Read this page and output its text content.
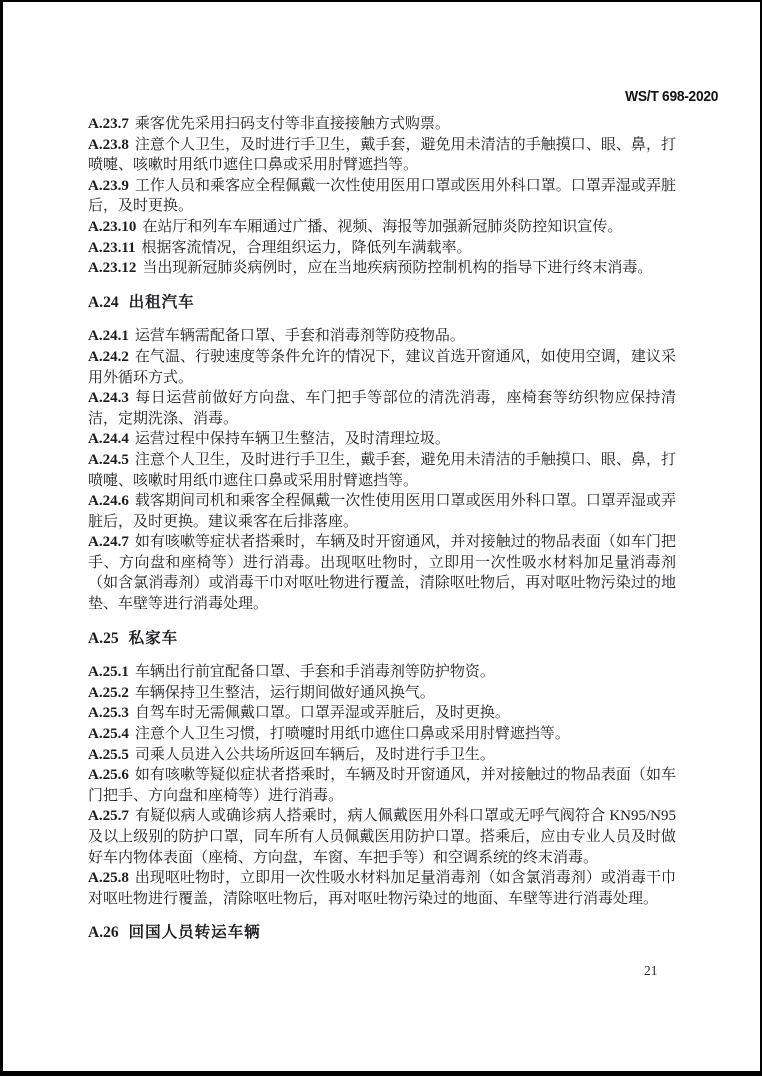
WS/T 698-2020

A.23.7 乘客优先采用扫码支付等非直接接触方式购票。

A.23.8 注意个人卫生，及时进行手卫生，戴手套，避免用未清洁的手触摸口、眼、鼻，打喷嚏、咳嗽时用纸巾遮住口鼻或采用肘臂遮挡等。

A.23.9 工作人员和乘客应全程佩戴一次性使用医用口罩或医用外科口罩。口罩弄湿或弄脏后，及时更换。

A.23.10 在站厅和列车车厢通过广播、视频、海报等加强新冠肺炎防控知识宣传。

A.23.11 根据客流情况，合理组织运力，降低列车满载率。

A.23.12 当出现新冠肺炎病例时，应在当地疾病预防控制机构的指导下进行终末消毒。

A.24 出租汽车

A.24.1 运营车辆需配备口罩、手套和消毒剂等防疫物品。

A.24.2 在气温、行驶速度等条件允许的情况下，建议首选开窗通风，如使用空调，建议采用外循环方式。

A.24.3 每日运营前做好方向盘、车门把手等部位的清洗消毒，座椅套等纺织物应保持清洁，定期洗涤、消毒。

A.24.4 运营过程中保持车辆卫生整洁，及时清理垃圾。

A.24.5 注意个人卫生，及时进行手卫生，戴手套，避免用未清洁的手触摸口、眼、鼻，打喷嚏、咳嗽时用纸巾遮住口鼻或采用肘臂遮挡等。

A.24.6 载客期间司机和乘客全程佩戴一次性使用医用口罩或医用外科口罩。口罩弄湿或弄脏后，及时更换。建议乘客在后排落座。

A.24.7 如有咳嗽等症状者搭乘时，车辆及时开窗通风，并对接触过的物品表面（如车门把手、方向盘和座椅等）进行消毒。出现呕吐物时，立即用一次性吸水材料加足量消毒剂（如含氯消毒剂）或消毒干巾对呕吐物进行覆盖，清除呕吐物后，再对呕吐物污染过的地垫、车壁等进行消毒处理。

A.25 私家车

A.25.1 车辆出行前宜配备口罩、手套和手消毒剂等防护物资。

A.25.2 车辆保持卫生整洁，运行期间做好通风换气。

A.25.3 自驾车时无需佩戴口罩。口罩弄湿或弄脏后，及时更换。

A.25.4 注意个人卫生习惯，打喷嚏时用纸巾遮住口鼻或采用肘臂遮挡等。

A.25.5 司乘人员进入公共场所返回车辆后，及时进行手卫生。

A.25.6 如有咳嗽等疑似症状者搭乘时，车辆及时开窗通风，并对接触过的物品表面（如车门把手、方向盘和座椅等）进行消毒。

A.25.7 有疑似病人或确诊病人搭乘时，病人佩戴医用外科口罩或无呼气阀符合 KN95/N95 及以上级别的防护口罩，同车所有人员佩戴医用防护口罩。搭乘后，应由专业人员及时做好车内物体表面（座椅、方向盘，车窗、车把手等）和空调系统的终末消毒。

A.25.8 出现呕吐物时，立即用一次性吸水材料加足量消毒剂（如含氯消毒剂）或消毒干巾对呕吐物进行覆盖，清除呕吐物后，再对呕吐物污染过的地面、车壁等进行消毒处理。

A.26 回国人员转运车辆
21
